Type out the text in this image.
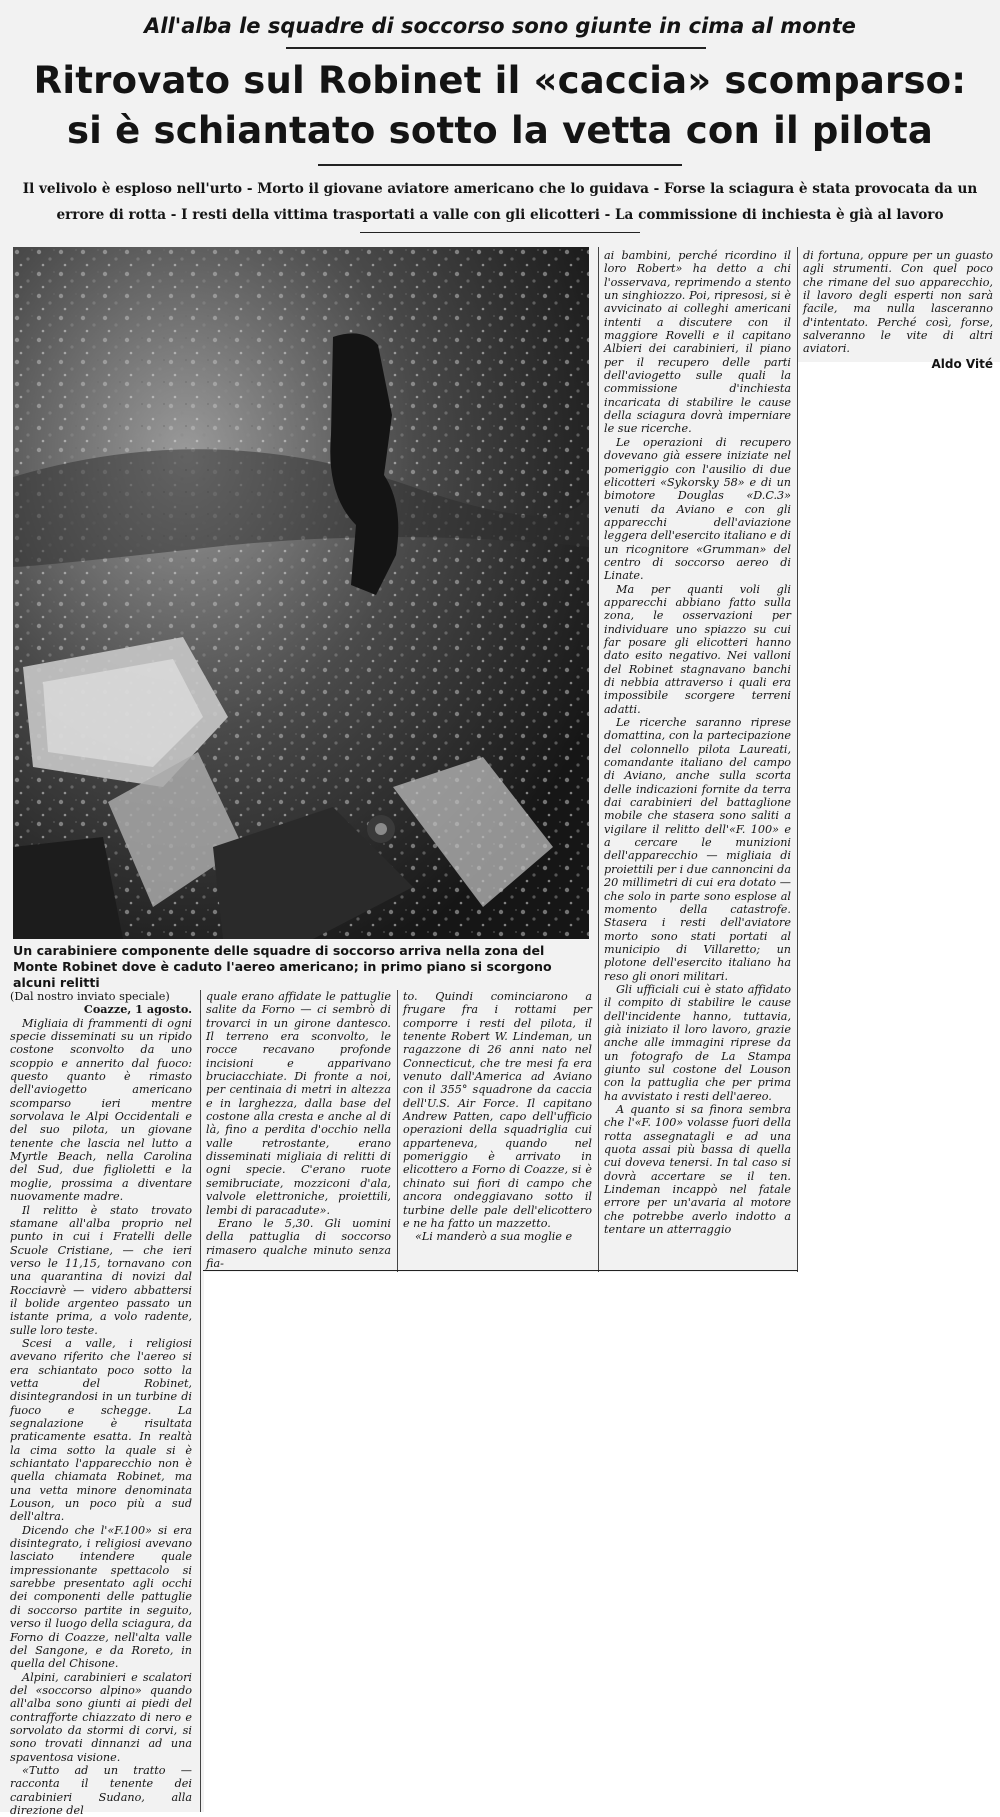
All'alba le squadre di soccorso sono giunte in cima al monte
Ritrovato sul Robinet il «caccia» scomparso:
si è schiantato sotto la vetta con il pilota
Il velivolo è esploso nell'urto - Morto il giovane aviatore americano che lo guidava - Forse la sciagura è stata provocata da un
errore di rotta - I resti della vittima trasportati a valle con gli elicotteri - La commissione di inchiesta è già al lavoro
Un carabiniere componente delle squadre di soccorso arriva nella zona del Monte Robinet dove è caduto l'aereo americano; in primo piano si scorgono alcuni relitti

(Dal nostro inviato speciale)

Coazze, 1 agosto.

Migliaia di frammenti di ogni specie disseminati su un ripido costone sconvolto da uno scoppio e annerito dal fuoco: questo quanto è rimasto dell'aviogetto americano scomparso ieri mentre sorvolava le Alpi Occidentali e del suo pilota, un giovane tenente che lascia nel lutto a Myrtle Beach, nella Carolina del Sud, due figlioletti e la moglie, prossima a diventare nuovamente madre.

Il relitto è stato trovato stamane all'alba proprio nel punto in cui i Fratelli delle Scuole Cristiane, — che ieri verso le 11,15, tornavano con una quarantina di novizi dal Rocciavrè — videro abbattersi il bolide argenteo passato un istante prima, a volo radente, sulle loro teste.

Scesi a valle, i religiosi avevano riferito che l'aereo si era schiantato poco sotto la vetta del Robinet, disintegrandosi in un turbine di fuoco e schegge. La segnalazione è risultata praticamente esatta. In realtà la cima sotto la quale si è schiantato l'apparecchio non è quella chiamata Robinet, ma una vetta minore denominata Louson, un poco più a sud dell'altra.

Dicendo che l'«F.100» si era disintegrato, i religiosi avevano lasciato intendere quale impressionante spettacolo si sarebbe presentato agli occhi dei componenti delle pattuglie di soccorso partite in seguito, verso il luogo della sciagura, da Forno di Coazze, nell'alta valle del Sangone, e da Roreto, in quella del Chisone.

Alpini, carabinieri e scalatori del «soccorso alpino» quando all'alba sono giunti ai piedi del contrafforte chiazzato di nero e sorvolato da stormi di corvi, si sono trovati dinnanzi ad una spaventosa visione.

«Tutto ad un tratto — racconta il tenente dei carabinieri Sudano, alla direzione del

quale erano affidate le pattuglie salite da Forno — ci sembrò di trovarci in un girone dantesco. Il terreno era sconvolto, le rocce recavano profonde incisioni e apparivano bruciacchiate. Di fronte a noi, per centinaia di metri in altezza e in larghezza, dalla base del costone alla cresta e anche al di là, fino a perdita d'occhio nella valle retrostante, erano disseminati migliaia di relitti di ogni specie. C'erano ruote semibruciate, mozziconi d'ala, valvole elettroniche, proiettili, lembi di paracadute».

Erano le 5,30. Gli uomini della pattuglia di soccorso rimasero qualche minuto senza fia-

to. Quindi cominciarono a frugare fra i rottami per comporre i resti del pilota, il tenente Robert W. Lindeman, un ragazzone di 26 anni nato nel Connecticut, che tre mesi fa era venuto dall'America ad Aviano con il 355° squadrone da caccia dell'U.S. Air Force. Il capitano Andrew Patten, capo dell'ufficio operazioni della squadriglia cui apparteneva, quando nel pomeriggio è arrivato in elicottero a Forno di Coazze, si è chinato sui fiori di campo che ancora ondeggiavano sotto il turbine delle pale dell'elicottero e ne ha fatto un mazzetto.

«Li manderò a sua moglie e

ai bambini, perché ricordino il loro Robert» ha detto a chi l'osservava, reprimendo a stento un singhiozzo. Poi, ripresosi, si è avvicinato ai colleghi americani intenti a discutere con il maggiore Rovelli e il capitano Albieri dei carabinieri, il piano per il recupero delle parti dell'aviogetto sulle quali la commissione d'inchiesta incaricata di stabilire le cause della sciagura dovrà imperniare le sue ricerche.

Le operazioni di recupero dovevano già essere iniziate nel pomeriggio con l'ausilio di due elicotteri «Sykorsky 58» e di un bimotore Douglas «D.C.3» venuti da Aviano e con gli apparecchi dell'aviazione leggera dell'esercito italiano e di un ricognitore «Grumman» del centro di soccorso aereo di Linate.

Ma per quanti voli gli apparecchi abbiano fatto sulla zona, le osservazioni per individuare uno spiazzo su cui far posare gli elicotteri hanno dato esito negativo. Nei valloni del Robinet stagnavano banchi di nebbia attraverso i quali era impossibile scorgere terreni adatti.

Le ricerche saranno riprese domattina, con la partecipazione del colonnello pilota Laureati, comandante italiano del campo di Aviano, anche sulla scorta delle indicazioni fornite da terra dai carabinieri del battaglione mobile che stasera sono saliti a vigilare il relitto dell'«F. 100» e a cercare le munizioni dell'apparecchio — migliaia di proiettili per i due cannoncini da 20 millimetri di cui era dotato — che solo in parte sono esplose al momento della catastrofe. Stasera i resti dell'aviatore morto sono stati portati al municipio di Villaretto; un plotone dell'esercito italiano ha reso gli onori militari.

Gli ufficiali cui è stato affidato il compito di stabilire le cause dell'incidente hanno, tuttavia, già iniziato il loro lavoro, grazie anche alle immagini riprese da un fotografo de La Stampa giunto sul costone del Louson con la pattuglia che per prima ha avvistato i resti dell'aereo.

A quanto si sa finora sembra che l'«F. 100» volasse fuori della rotta assegnatagli e ad una quota assai più bassa di quella cui doveva tenersi. In tal caso si dovrà accertare se il ten. Lindeman incappò nel fatale errore per un'avaria al motore che potrebbe averlo indotto a tentare un atterraggio

di fortuna, oppure per un guasto agli strumenti. Con quel poco che rimane del suo apparecchio, il lavoro degli esperti non sarà facile, ma nulla lasceranno d'intentato. Perché così, forse, salveranno le vite di altri aviatori.

Aldo Vité
